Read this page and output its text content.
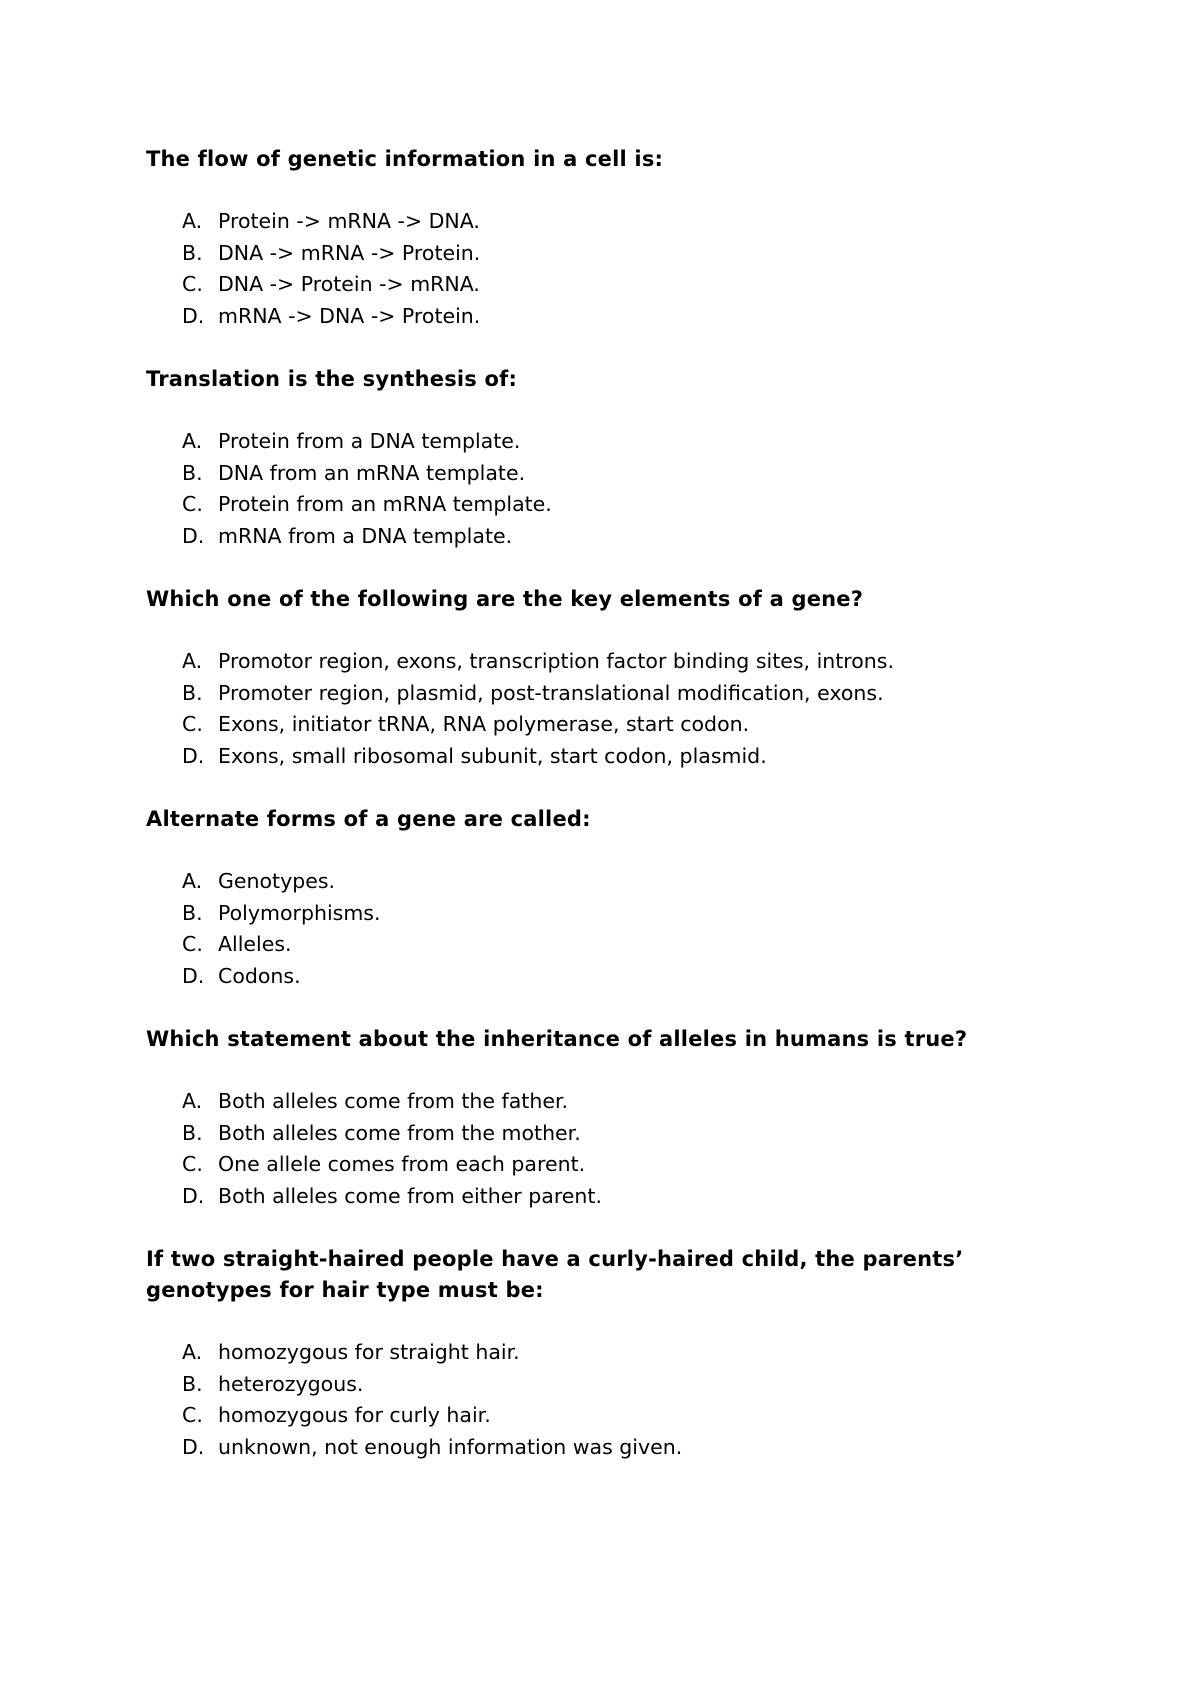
The flow of genetic information in a cell is:

A. Protein -> mRNA -> DNA.
B. DNA -> mRNA -> Protein.
C. DNA -> Protein -> mRNA.
D. mRNA -> DNA -> Protein.

Translation is the synthesis of:

A. Protein from a DNA template.
B. DNA from an mRNA template.
C. Protein from an mRNA template.
D. mRNA from a DNA template.

Which one of the following are the key elements of a gene?

A. Promotor region, exons, transcription factor binding sites, introns.
B. Promoter region, plasmid, post-translational modification, exons.
C. Exons, initiator tRNA, RNA polymerase, start codon.
D. Exons, small ribosomal subunit, start codon, plasmid.

Alternate forms of a gene are called:

A. Genotypes.
B. Polymorphisms.
C. Alleles.
D. Codons.

Which statement about the inheritance of alleles in humans is true?

A. Both alleles come from the father.
B. Both alleles come from the mother.
C. One allele comes from each parent.
D. Both alleles come from either parent.

If two straight-haired people have a curly-haired child, the parents’ genotypes for hair type must be:

A. homozygous for straight hair.
B. heterozygous.
C. homozygous for curly hair.
D. unknown, not enough information was given.
